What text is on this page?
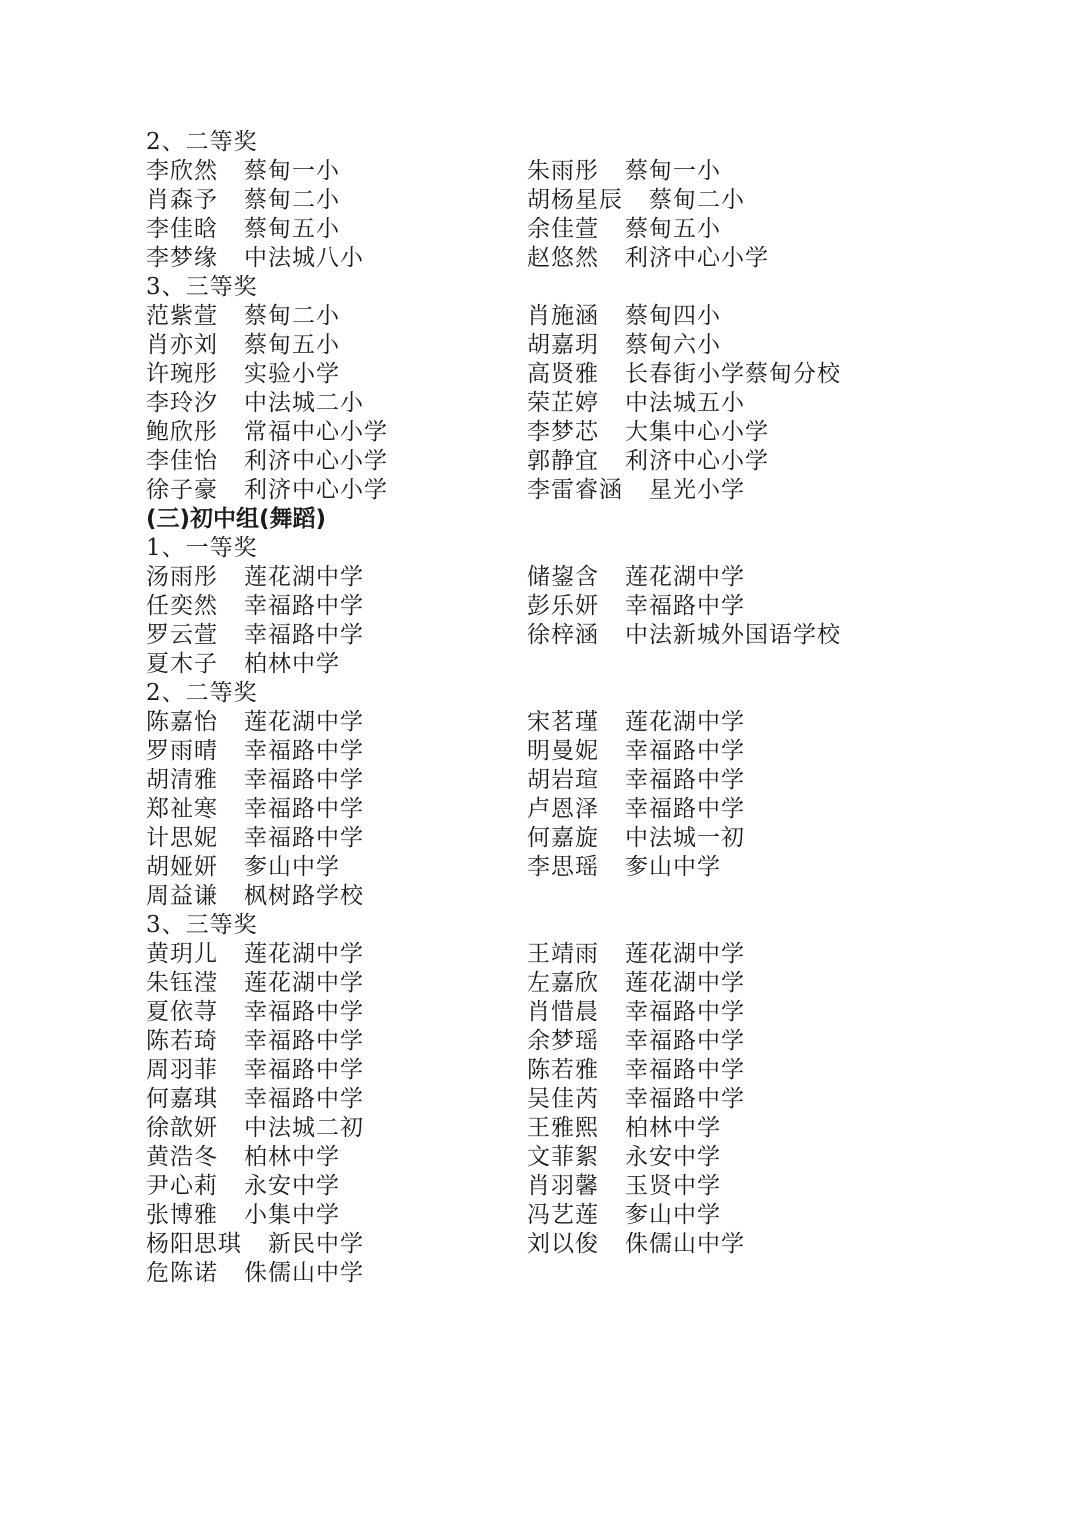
2、二等奖
李欣然 蔡甸一小	朱雨彤 蔡甸一小
肖森予 蔡甸二小	胡杨星辰 蔡甸二小
李佳晗 蔡甸五小	余佳萱 蔡甸五小
李梦缘 中法城八小	赵悠然 利济中心小学
3、三等奖
范紫萱 蔡甸二小	肖施涵 蔡甸四小
肖亦刘 蔡甸五小	胡嘉玥 蔡甸六小
许琬彤 实验小学	高贤雅 长春街小学蔡甸分校
李玲汐 中法城二小	荣芷婷 中法城五小
鲍欣彤 常福中心小学	李梦芯 大集中心小学
李佳怡 利济中心小学	郭静宜 利济中心小学
徐子豪 利济中心小学	李雷睿涵 星光小学
(三)初中组(舞蹈)
1、一等奖
汤雨彤 莲花湖中学	储鋆含 莲花湖中学
任奕然 幸福路中学	彭乐妍 幸福路中学
罗云萱 幸福路中学	徐梓涵 中法新城外国语学校
夏木子 柏林中学
2、二等奖
陈嘉怡 莲花湖中学	宋茗瑾 莲花湖中学
罗雨晴 幸福路中学	明曼妮 幸福路中学
胡清雅 幸福路中学	胡岩瑄 幸福路中学
郑祉寒 幸福路中学	卢恩泽 幸福路中学
计思妮 幸福路中学	何嘉旋 中法城一初
胡娅妍 奓山中学	李思瑶 奓山中学
周益谦 枫树路学校
3、三等奖
黄玥儿 莲花湖中学	王靖雨 莲花湖中学
朱钰滢 莲花湖中学	左嘉欣 莲花湖中学
夏依荨 幸福路中学	肖惜晨 幸福路中学
陈若琦 幸福路中学	余梦瑶 幸福路中学
周羽菲 幸福路中学	陈若雅 幸福路中学
何嘉琪 幸福路中学	吴佳芮 幸福路中学
徐歆妍 中法城二初	王雅熙 柏林中学
黄浩冬 柏林中学	文菲絮 永安中学
尹心莉 永安中学	肖羽馨 玉贤中学
张博雅 小集中学	冯艺莲 奓山中学
杨阳思琪 新民中学	刘以俊 侏儒山中学
危陈诺 侏儒山中学
